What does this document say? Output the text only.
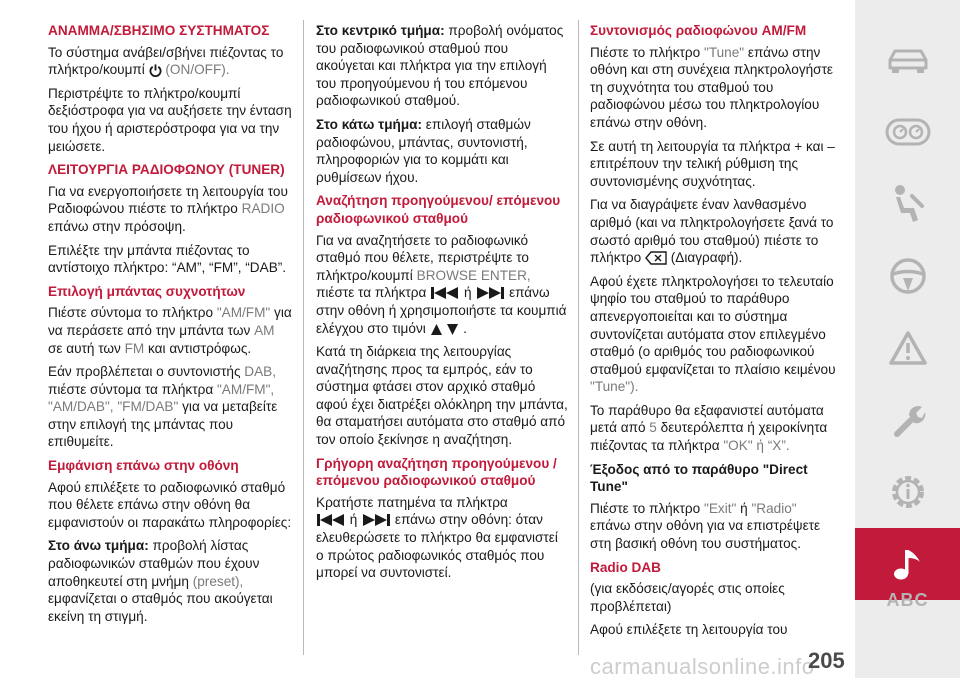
ΑΝΑΜΜΑ/ΣΒΗΣΙΜΟ ΣΥΣΤΗΜΑΤΟΣ

Το σύστημα ανάβει/σβήνει πιέζοντας το πλήκτρο/κουμπί (ON/OFF).

Περιστρέψτε το πλήκτρο/κουμπί δεξιόστροφα για να αυξήσετε την ένταση του ήχου ή αριστερόστροφα για να την μειώσετε.

ΛΕΙΤΟΥΡΓΙΑ ΡΑΔΙΟΦΩΝΟΥ (TUNER)

Για να ενεργοποιήσετε τη λειτουργία του Ραδιοφώνου πιέστε το πλήκτρο RADIO επάνω στην πρόσοψη.

Επιλέξτε την μπάντα πιέζοντας το αντίστοιχο πλήκτρο: “AM”, “FM”, “DAB”.

Επιλογή μπάντας συχνοτήτων

Πιέστε σύντομα το πλήκτρο "AM/FM" για να περάσετε από την μπάντα των AM σε αυτή των FM και αντιστρόφως.

Εάν προβλέπεται ο συντονιστής DAB, πιέστε σύντομα τα πλήκτρα "AM/FM", "AM/DAB", "FM/DAB" για να μεταβείτε στην επιλογή της μπάντας που επιθυμείτε.

Εμφάνιση επάνω στην οθόνη

Αφού επιλέξετε το ραδιοφωνικό σταθμό που θέλετε επάνω στην οθόνη θα εμφανιστούν οι παρακάτω πληροφορίες:

Στο άνω τμήμα: προβολή λίστας ραδιοφωνικών σταθμών που έχουν αποθηκευτεί στη μνήμη (preset), εμφανίζεται ο σταθμός που ακούγεται εκείνη τη στιγμή.

Στο κεντρικό τμήμα: προβολή ονόματος του ραδιοφωνικού σταθμού που ακούγεται και πλήκτρα για την επιλογή του προηγούμενου ή του επόμενου ραδιοφωνικού σταθμού.

Στο κάτω τμήμα: επιλογή σταθμών ραδιοφώνου, μπάντας, συντονιστή, πληροφοριών για το κομμάτι και ρυθμίσεων ήχου.

Αναζήτηση προηγούμενου/ επόμενου ραδιοφωνικού σταθμού

Για να αναζητήσετε το ραδιοφωνικό σταθμό που θέλετε, περιστρέψτε το πλήκτρο/κουμπί BROWSE ENTER, πιέστε τα πλήκτρα	ή	επάνω στην οθόνη ή χρησιμοποιήστε τα κουμπιά ελέγχου στο τιμόνι	.

Κατά τη διάρκεια της λειτουργίας αναζήτησης προς τα εμπρός, εάν το σύστημα φτάσει στον αρχικό σταθμό αφού έχει διατρέξει ολόκληρη την μπάντα, θα σταματήσει αυτόματα στο σταθμό από τον οποίο ξεκίνησε η αναζήτηση.

Γρήγορη αναζήτηση προηγούμενου /επόμενου ραδιοφωνικού σταθμού

Κρατήστε πατημένα τα πλήκτρα
ή	επάνω στην οθόνη: όταν ελευθερώσετε το πλήκτρο θα εμφανιστεί ο πρώτος ραδιοφωνικός σταθμός που μπορεί να συντονιστεί.

Συντονισμός ραδιοφώνου AM/FM

Πιέστε το πλήκτρο "Tune" επάνω στην οθόνη και στη συνέχεια πληκτρολογήστε τη συχνότητα του σταθμού του ραδιοφώνου μέσω του πληκτρολογίου επάνω στην οθόνη.

Σε αυτή τη λειτουργία τα πλήκτρα + και – επιτρέπουν την τελική ρύθμιση της συντονισμένης συχνότητας.

Για να διαγράψετε έναν λανθασμένο αριθμό (και να πληκτρολογήσετε ξανά το σωστό αριθμό του σταθμού) πιέστε το πλήκτρο (Διαγραφή).

Αφού έχετε πληκτρολογήσει το τελευταίο ψηφίο του σταθμού το παράθυρο απενεργοποιείται και το σύστημα συντονίζεται αυτόματα στον επιλεγμένο σταθμό (ο αριθμός του ραδιοφωνικού σταθμού εμφανίζεται το πλαίσιο κειμένου "Tune").

Το παράθυρο θα εξαφανιστεί αυτόματα μετά από 5 δευτερόλεπτα ή χειροκίνητα πιέζοντας τα πλήκτρα "OK" ή “X”.

Έξοδος από το παράθυρο "Direct Tune"

Πιέστε το πλήκτρο "Exit" ή "Radio" επάνω στην οθόνη για να επιστρέψετε στη βασική οθόνη του συστήματος.

Radio DAB

(για εκδόσεις/αγορές στις οποίες προβλέπεται)

Αφού επιλέξετε τη λειτουργία του

ABC
carmanualsonline.info
205
